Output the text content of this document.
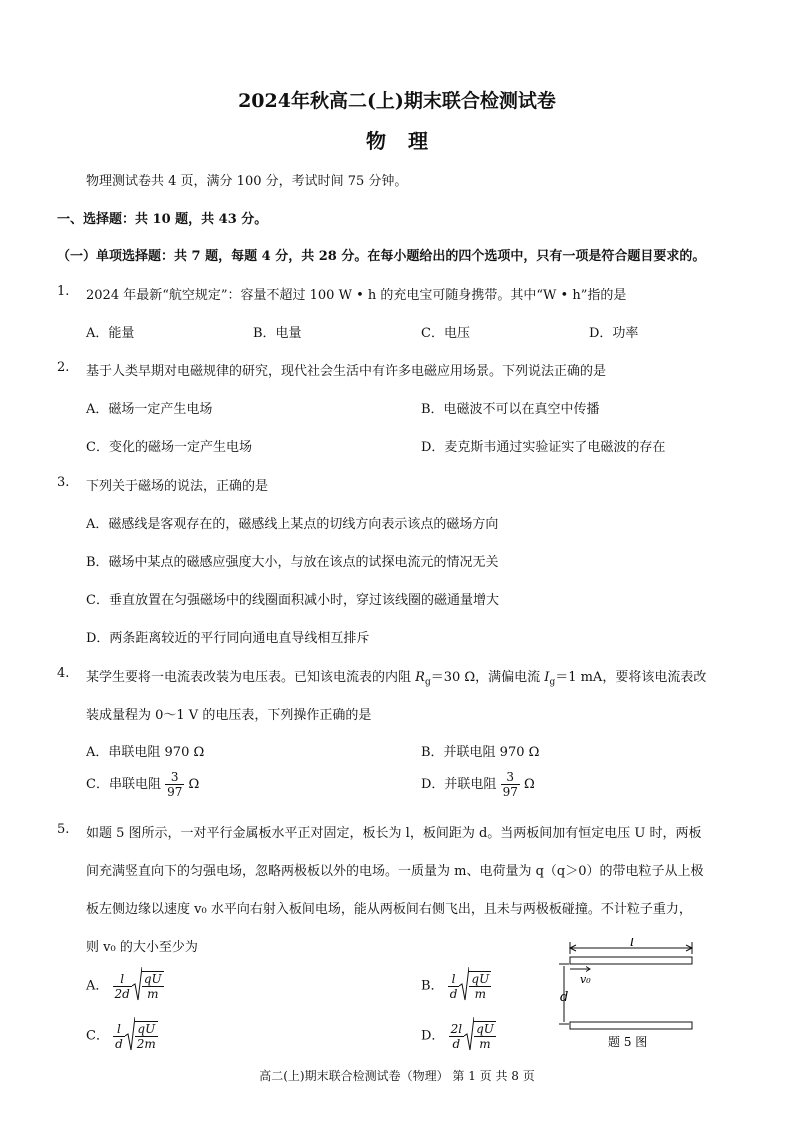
2024年秋高二(上)期末联合检测试卷
物理
物理测试卷共 4 页，满分 100 分，考试时间 75 分钟。
一、选择题：共 10 题，共 43 分。
（一）单项选择题：共 7 题，每题 4 分，共 28 分。在每小题给出的四个选项中，只有一项是符合题目要求的。
1. 2024 年最新“航空规定”：容量不超过 100 W • h 的充电宝可随身携带。其中“W • h”指的是
A．能量	B．电量	C．电压	D．功率
2. 基于人类早期对电磁规律的研究，现代社会生活中有许多电磁应用场景。下列说法正确的是
A．磁场一定产生电场	B．电磁波不可以在真空中传播
C．变化的磁场一定产生电场	D．麦克斯韦通过实验证实了电磁波的存在
3. 下列关于磁场的说法，正确的是
A．磁感线是客观存在的，磁感线上某点的切线方向表示该点的磁场方向
B．磁场中某点的磁感应强度大小，与放在该点的试探电流元的情况无关
C．垂直放置在匀强磁场中的线圈面积减小时，穿过该线圈的磁通量增大
D．两条距离较近的平行同向通电直导线相互排斥
4. 某学生要将一电流表改装为电压表。已知该电流表的内阻 $R_g=30$ Ω，满偏电流 $I_g=1$ mA，要将该电流表改
装成量程为 0～1 V 的电压表，下列操作正确的是
A．串联电阻 970 Ω	B．并联电阻 970 Ω
C．串联电阻 $\frac{3}{97}$ Ω	D．并联电阻 $\frac{3}{97}$ Ω
5. 如题 5 图所示，一对平行金属板水平正对固定，板长为 l，板间距为 d。当两板间加有恒定电压 U 时，两板
间充满竖直向下的匀强电场，忽略两极板以外的电场。一质量为 m、电荷量为 q（q＞0）的带电粒子从上极
板左侧边缘以速度 v₀ 水平向右射入板间电场，能从两板间右侧飞出，且未与两极板碰撞。不计粒子重力，
则 v₀ 的大小至少为
A． $\frac{l}{2d} \frac{qU}{m}$	B． $\frac{l}{d} \frac{qU}{m}$
C． $\frac{l}{d} \frac{qU}{2m}$	D． $\frac{2l}{d} \frac{qU}{m}$
l
v₀
d
题 5 图
高二(上)期末联合检测试卷（物理） 第 1 页 共 8 页
